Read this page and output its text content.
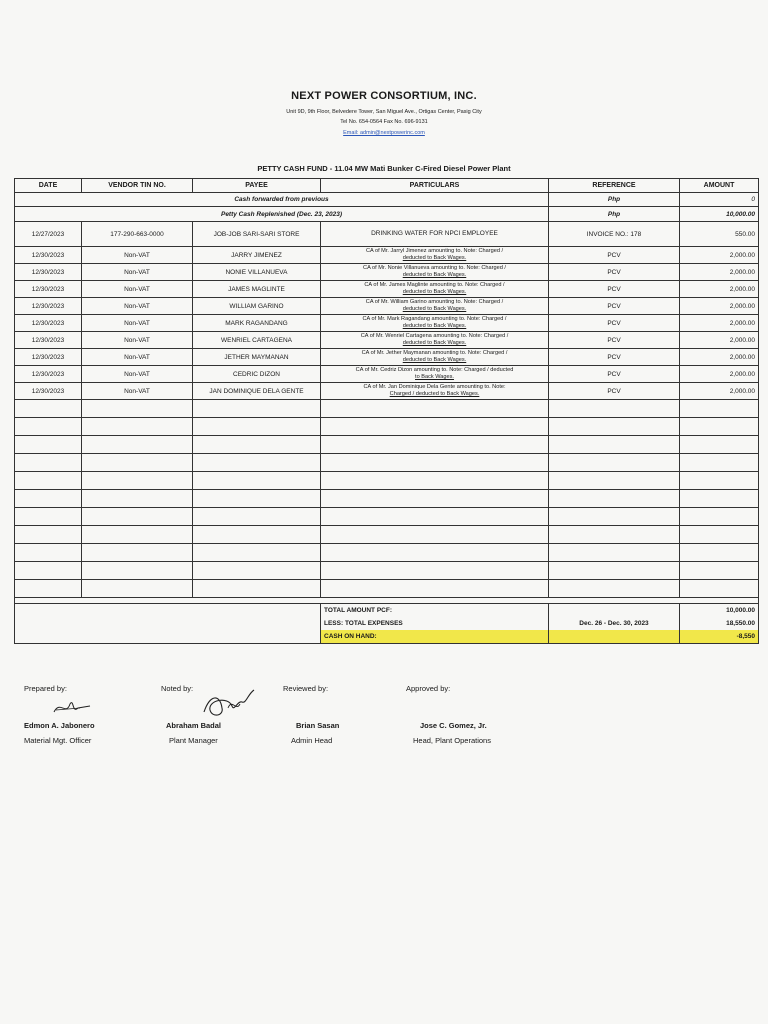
NEXT POWER CONSORTIUM, INC.
Unit 9D, 9th Floor, Belvedere Tower, San Miguel Ave., Ortigas Center, Pasig City
Tel No. 654-0564 Fax No. 696-9131
Email: admin@nextpowerinc.com
PETTY CASH FUND - 11.04 MW Mati Bunker C-Fired Diesel Power Plant
DATE	VENDOR TIN NO.	PAYEE	PARTICULARS	REFERENCE	AMOUNT
Cash forwarded from previous				Php	0
Petty Cash Replenished (Dec. 23, 2023)				Php	10,000.00
12/27/2023	177-290-663-0000	JOB-JOB SARI-SARI STORE	DRINKING WATER FOR NPCI EMPLOYEE	INVOICE NO.: 178	550.00
12/30/2023	Non-VAT	JARRY JIMENEZ	CA of Mr. Jarryl Jimenez amounting to. Note: Charged /
deducted to Back Wages.	PCV	2,000.00
12/30/2023	Non-VAT	NONIE VILLANUEVA	CA of Mr. Nonie Villanueva amounting to. Note: Charged /
deducted to Back Wages.	PCV	2,000.00
12/30/2023	Non-VAT	JAMES MAGLINTE	CA of Mr. James Maglinte amounting to. Note: Charged /
deducted to Back Wages.	PCV	2,000.00
12/30/2023	Non-VAT	WILLIAM GARINO	CA of Mr. William Garino amounting to. Note: Charged /
deducted to Back Wages.	PCV	2,000.00
12/30/2023	Non-VAT	MARK RAGANDANG	CA of Mr. Mark Ragandang amounting to. Note: Charged /
deducted to Back Wages.	PCV	2,000.00
12/30/2023	Non-VAT	WENRIEL CARTAGENA	CA of Mr. Wenriel Cartagena amounting to. Note: Charged /
deducted to Back Wages.	PCV	2,000.00
12/30/2023	Non-VAT	JETHER MAYMANAN	CA of Mr. Jether Maymanan amounting to. Note: Charged /
deducted to Back Wages.	PCV	2,000.00
12/30/2023	Non-VAT	CEDRIC DIZON	CA of Mr. Cedriz Dizon amounting to. Note: Charged / deducted
to Back Wages.	PCV	2,000.00
12/30/2023	Non-VAT	JAN DOMINIQUE DELA GENTE	CA of Mr. Jan Dominique Dela Gente amounting to. Note:
Charged / deducted to Back Wages.	PCV	2,000.00

			TOTAL AMOUNT PCF:		10,000.00
			LESS: TOTAL EXPENSES	Dec. 26 - Dec. 30, 2023	18,550.00
			CASH ON HAND:		-8,550
Prepared by:	Noted by:	Reviewed by:	Approved by:
Edmon A. Jabonero	Abraham Badal	Brian Sasan	Jose C. Gomez, Jr.
Material Mgt. Officer	Plant Manager	Admin Head	Head, Plant Operations
